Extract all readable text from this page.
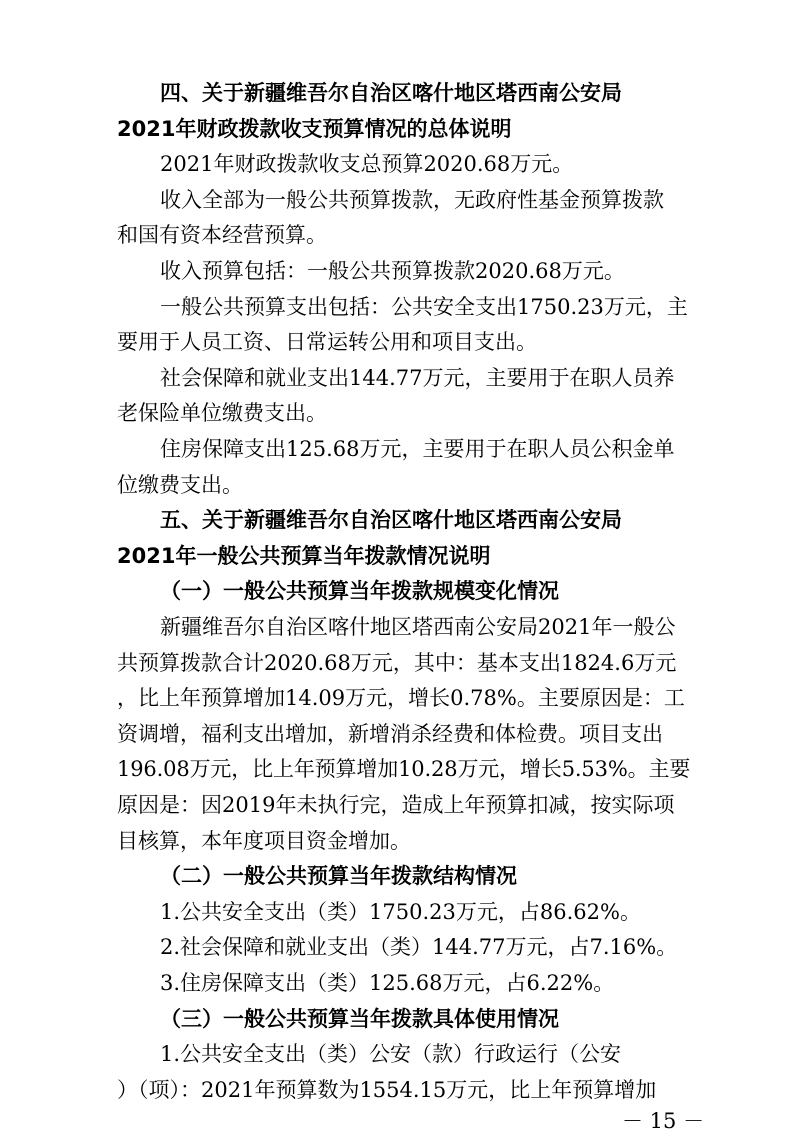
四、关于新疆维吾尔自治区喀什地区塔西南公安局
2021年财政拨款收支预算情况的总体说明
2021年财政拨款收支总预算2020.68万元。
收入全部为一般公共预算拨款，无政府性基金预算拨款
和国有资本经营预算。
收入预算包括：一般公共预算拨款2020.68万元。
一般公共预算支出包括：公共安全支出1750.23万元，主
要用于人员工资、日常运转公用和项目支出。
社会保障和就业支出144.77万元，主要用于在职人员养
老保险单位缴费支出。
住房保障支出125.68万元，主要用于在职人员公积金单
位缴费支出。
五、关于新疆维吾尔自治区喀什地区塔西南公安局
2021年一般公共预算当年拨款情况说明
（一）一般公共预算当年拨款规模变化情况
新疆维吾尔自治区喀什地区塔西南公安局2021年一般公
共预算拨款合计2020.68万元，其中：基本支出1824.6万元
，比上年预算增加14.09万元，增长0.78%。主要原因是：工
资调增，福利支出增加，新增消杀经费和体检费。项目支出
196.08万元，比上年预算增加10.28万元，增长5.53%。主要
原因是：因2019年未执行完，造成上年预算扣减，按实际项
目核算，本年度项目资金增加。
（二）一般公共预算当年拨款结构情况
1.公共安全支出（类）1750.23万元，占86.62%。
2.社会保障和就业支出（类）144.77万元，占7.16%。
3.住房保障支出（类）125.68万元，占6.22%。
（三）一般公共预算当年拨款具体使用情况
1.公共安全支出（类）公安（款）行政运行（公安
）（项）：2021年预算数为1554.15万元，比上年预算增加
－ 15 －
